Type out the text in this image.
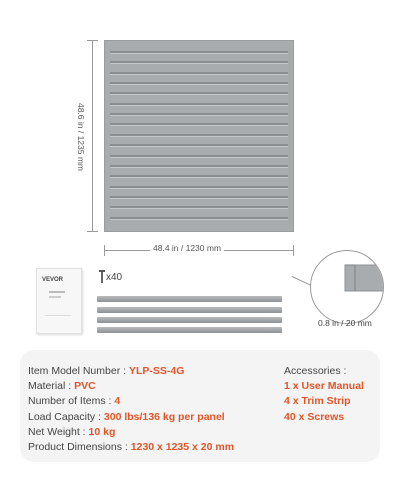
48.6 in / 1235 mm
48.4 in / 1230 mm
VEVOR	x40
0.8 in / 20 mm
Item Model Number : YLP-SS-4G
Material : PVC
Number of Items : 4
Load Capacity : 300 lbs/136 kg per panel
Net Weight : 10 kg
Product Dimensions : 1230 x 1235 x 20 mm
Accessories :
1 x User Manual
4 x Trim Strip
40 x Screws
